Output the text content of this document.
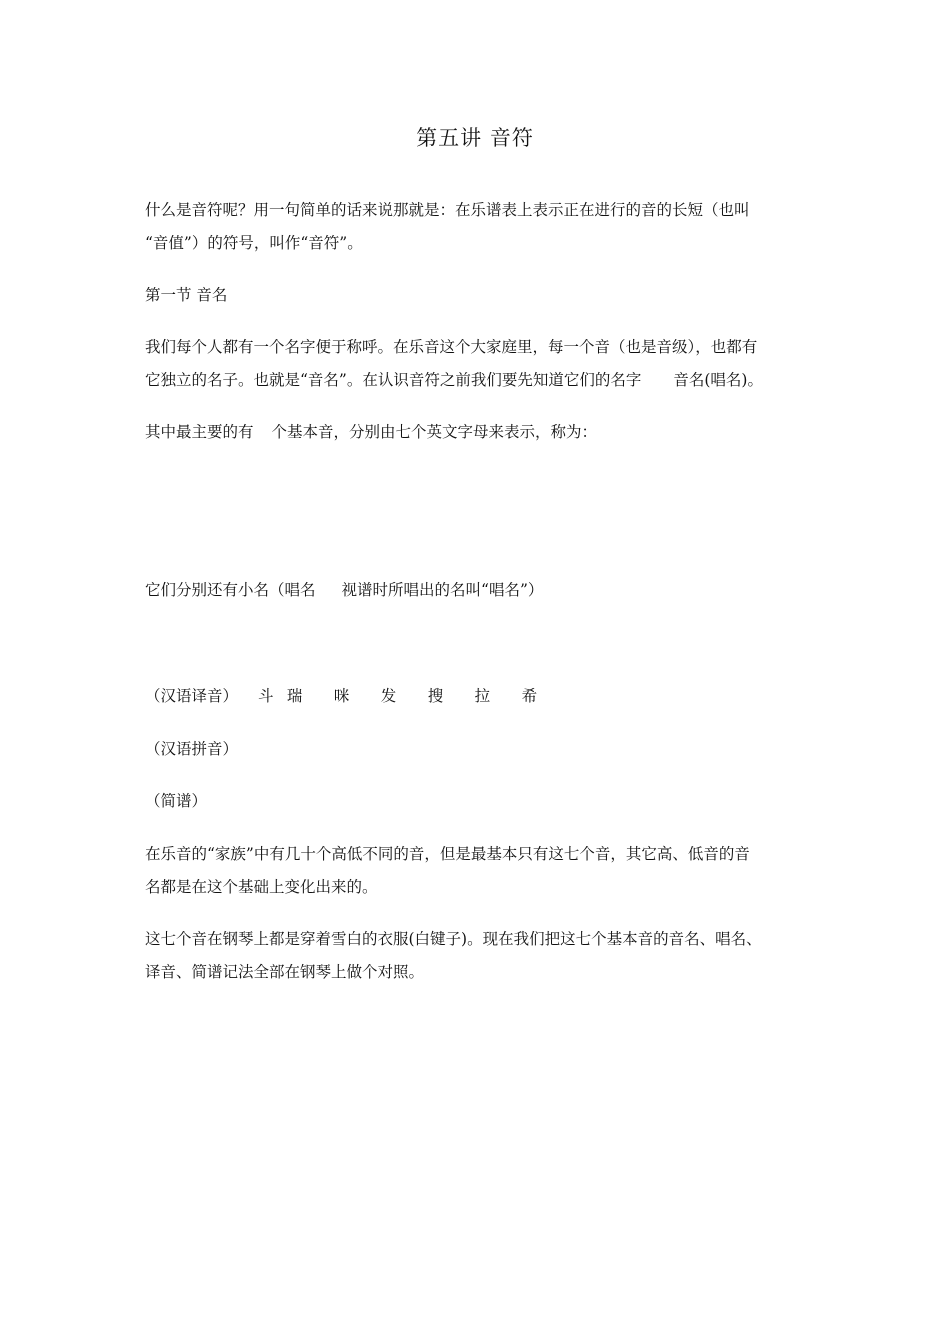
第五讲 音符
什么是音符呢？用一句简单的话来说那就是：在乐谱表上表示正在进行的音的长短（也叫
“音值”）的符号，叫作“音符”。
第一节 音名
我们每个人都有一个名字便于称呼。在乐音这个大家庭里，每一个音（也是音级），也都有
它独立的名子。也就是“音名”。在认识音符之前我们要先知道它们的名字 音名(唱名)。
其中最主要的有 个基本音，分别由七个英文字母来表示，称为：
它们分别还有小名（唱名 视谱时所唱出的名叫“唱名”）
（汉语译音） 斗 瑞 咪 发 搜 拉 希
（汉语拼音）
（简谱）
在乐音的“家族”中有几十个高低不同的音，但是最基本只有这七个音，其它高、低音的音
名都是在这个基础上变化出来的。
这七个音在钢琴上都是穿着雪白的衣服(白键子)。现在我们把这七个基本音的音名、唱名、
译音、简谱记法全部在钢琴上做个对照。
